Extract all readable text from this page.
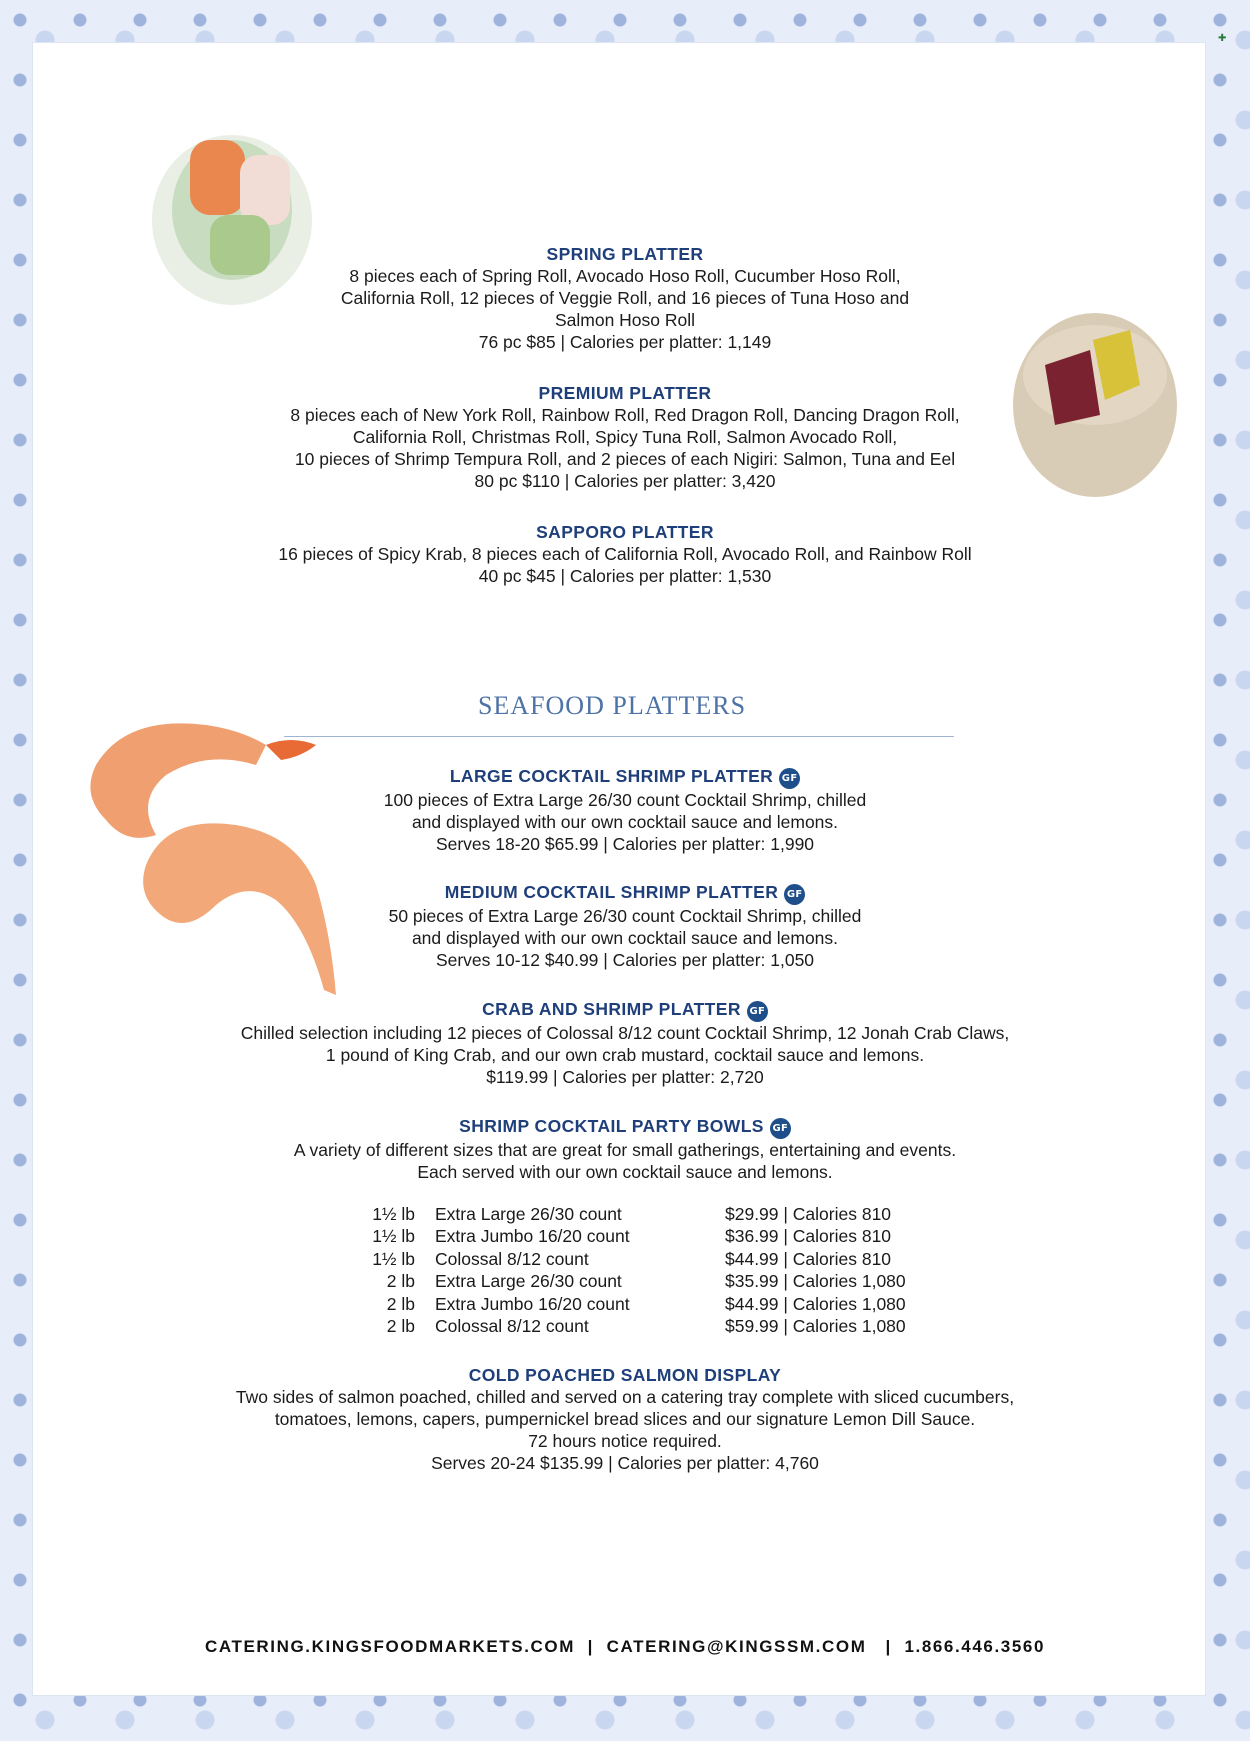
✚
SPRING PLATTER
8 pieces each of Spring Roll, Avocado Hoso Roll, Cucumber Hoso Roll,
California Roll, 12 pieces of Veggie Roll, and 16 pieces of Tuna Hoso and
Salmon Hoso Roll
76 pc $85 | Calories per platter: 1,149
PREMIUM PLATTER
8 pieces each of New York Roll, Rainbow Roll, Red Dragon Roll, Dancing Dragon Roll,
California Roll, Christmas Roll, Spicy Tuna Roll, Salmon Avocado Roll,
10 pieces of Shrimp Tempura Roll, and 2 pieces of each Nigiri: Salmon, Tuna and Eel
80 pc $110 | Calories per platter: 3,420
SAPPORO PLATTER
16 pieces of Spicy Krab, 8 pieces each of California Roll, Avocado Roll, and Rainbow Roll
40 pc $45 | Calories per platter: 1,530
SEAFOOD PLATTERS
LARGE COCKTAIL SHRIMP PLATTER GF
100 pieces of Extra Large 26/30 count Cocktail Shrimp, chilled
and displayed with our own cocktail sauce and lemons.
Serves 18-20 $65.99 | Calories per platter: 1,990
MEDIUM COCKTAIL SHRIMP PLATTER GF
50 pieces of Extra Large 26/30 count Cocktail Shrimp, chilled
and displayed with our own cocktail sauce and lemons.
Serves 10-12 $40.99 | Calories per platter: 1,050
CRAB AND SHRIMP PLATTER GF
Chilled selection including 12 pieces of Colossal 8/12 count Cocktail Shrimp, 12 Jonah Crab Claws,
1 pound of King Crab, and our own crab mustard, cocktail sauce and lemons.
$119.99 | Calories per platter: 2,720
SHRIMP COCKTAIL PARTY BOWLS GF
A variety of different sizes that are great for small gatherings, entertaining and events.
Each served with our own cocktail sauce and lemons.
1½ lb	Extra Large 26/30 count	$29.99 | Calories 810
1½ lb	Extra Jumbo 16/20 count	$36.99 | Calories 810
1½ lb	Colossal 8/12 count	$44.99 | Calories 810
2 lb	Extra Large 26/30 count	$35.99 | Calories 1,080
2 lb	Extra Jumbo 16/20 count	$44.99 | Calories 1,080
2 lb	Colossal 8/12 count	$59.99 | Calories 1,080
COLD POACHED SALMON DISPLAY
Two sides of salmon poached, chilled and served on a catering tray complete with sliced cucumbers,
tomatoes, lemons, capers, pumpernickel bread slices and our signature Lemon Dill Sauce.
72 hours notice required.
Serves 20-24 $135.99 | Calories per platter: 4,760
CATERING.KINGSFOODMARKETS.COM  |  CATERING@KINGSSM.COM   |  1.866.446.3560
